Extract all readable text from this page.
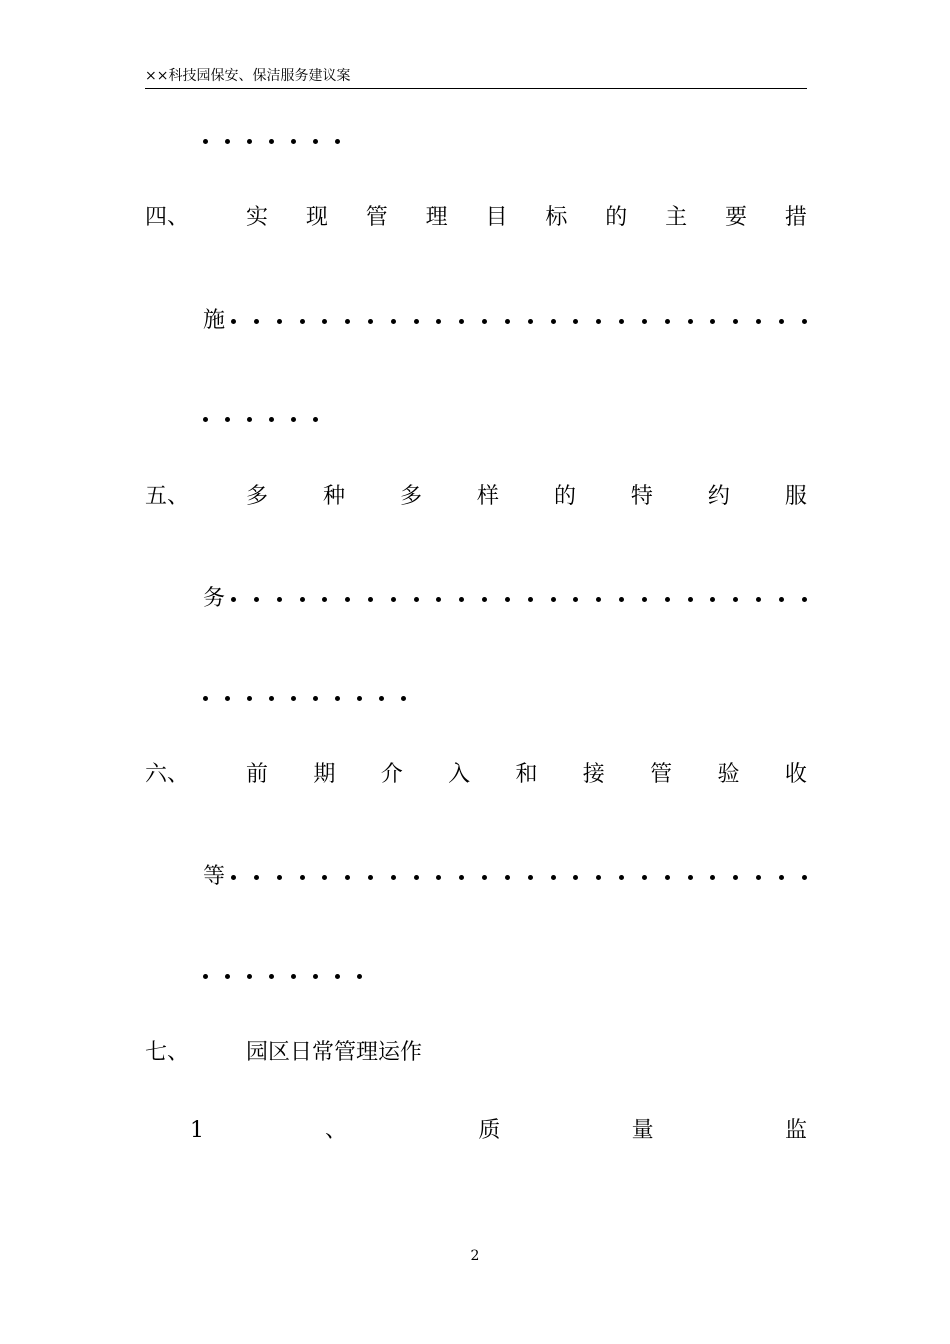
××科技园保安、保洁服务建议案
四、	实 现 管 理 目 标 的 主 要 措
施
五、	多 种 多 样 的 特 约 服
务
六、	前 期 介 入 和 接 管 验 收
等
七、	园区日常管理运作
1	、	质	量	监
2
